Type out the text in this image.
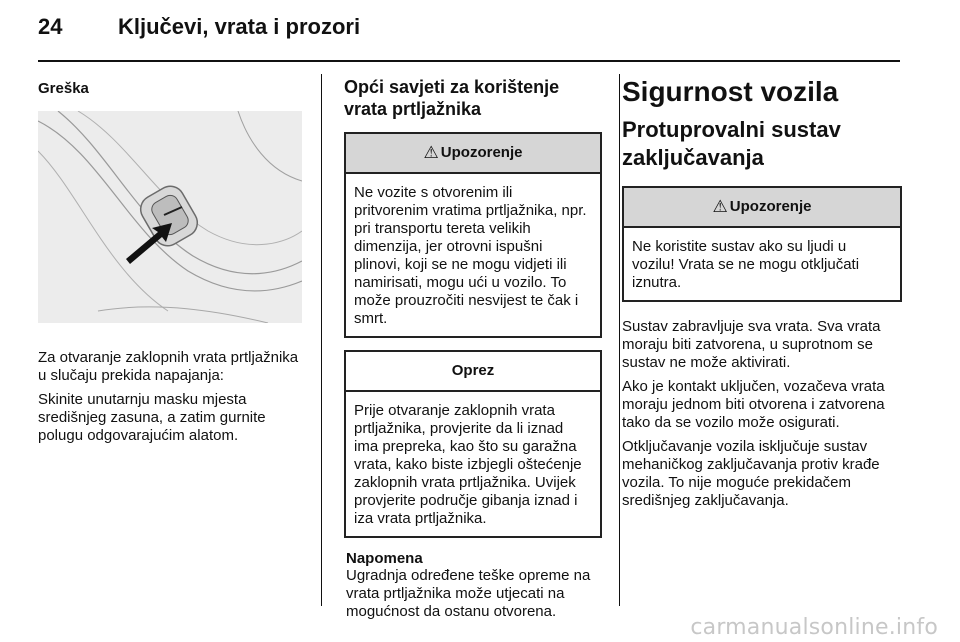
24	Ključevi, vrata i prozori
Greška

Za otvaranje zaklopnih vrata prtljažnika u slučaju prekida napajanja:

Skinite unutarnju masku mjesta središnjeg zasuna, a zatim gurnite polugu odgovarajućim alatom.

Opći savjeti za korištenje vrata prtljažnika
⚠ Upozorenje
Ne vozite s otvorenim ili pritvorenim vratima prtljažnika, npr. pri transportu tereta velikih dimenzija, jer otrovni ispušni plinovi, koji se ne mogu vidjeti ili namirisati, mogu ući u vozilo. To može prouzročiti nesvijest te čak i smrt.
Oprez
Prije otvaranje zaklopnih vrata prtljažnika, provjerite da li iznad ima prepreka, kao što su garažna vrata, kako biste izbjegli oštećenje zaklopnih vrata prtljažnika. Uvijek provjerite područje gibanja iznad i iza vrata prtljažnika.
Napomena
Ugradnja određene teške opreme na vrata prtljažnika može utjecati na mogućnost da ostanu otvorena.
Sigurnost vozila
Protuprovalni sustav zaključavanja
⚠ Upozorenje
Ne koristite sustav ako su ljudi u vozilu! Vrata se ne mogu otključati iznutra.

Sustav zabravljuje sva vrata. Sva vrata moraju biti zatvorena, u suprotnom se sustav ne može aktivirati.

Ako je kontakt uključen, vozačeva vrata moraju jednom biti otvorena i zatvorena tako da se vozilo može osigurati.

Otključavanje vozila isključuje sustav mehaničkog zaključavanja protiv krađe vozila. To nije moguće prekidačem središnjeg zaključavanja.

carmanualsonline.info
